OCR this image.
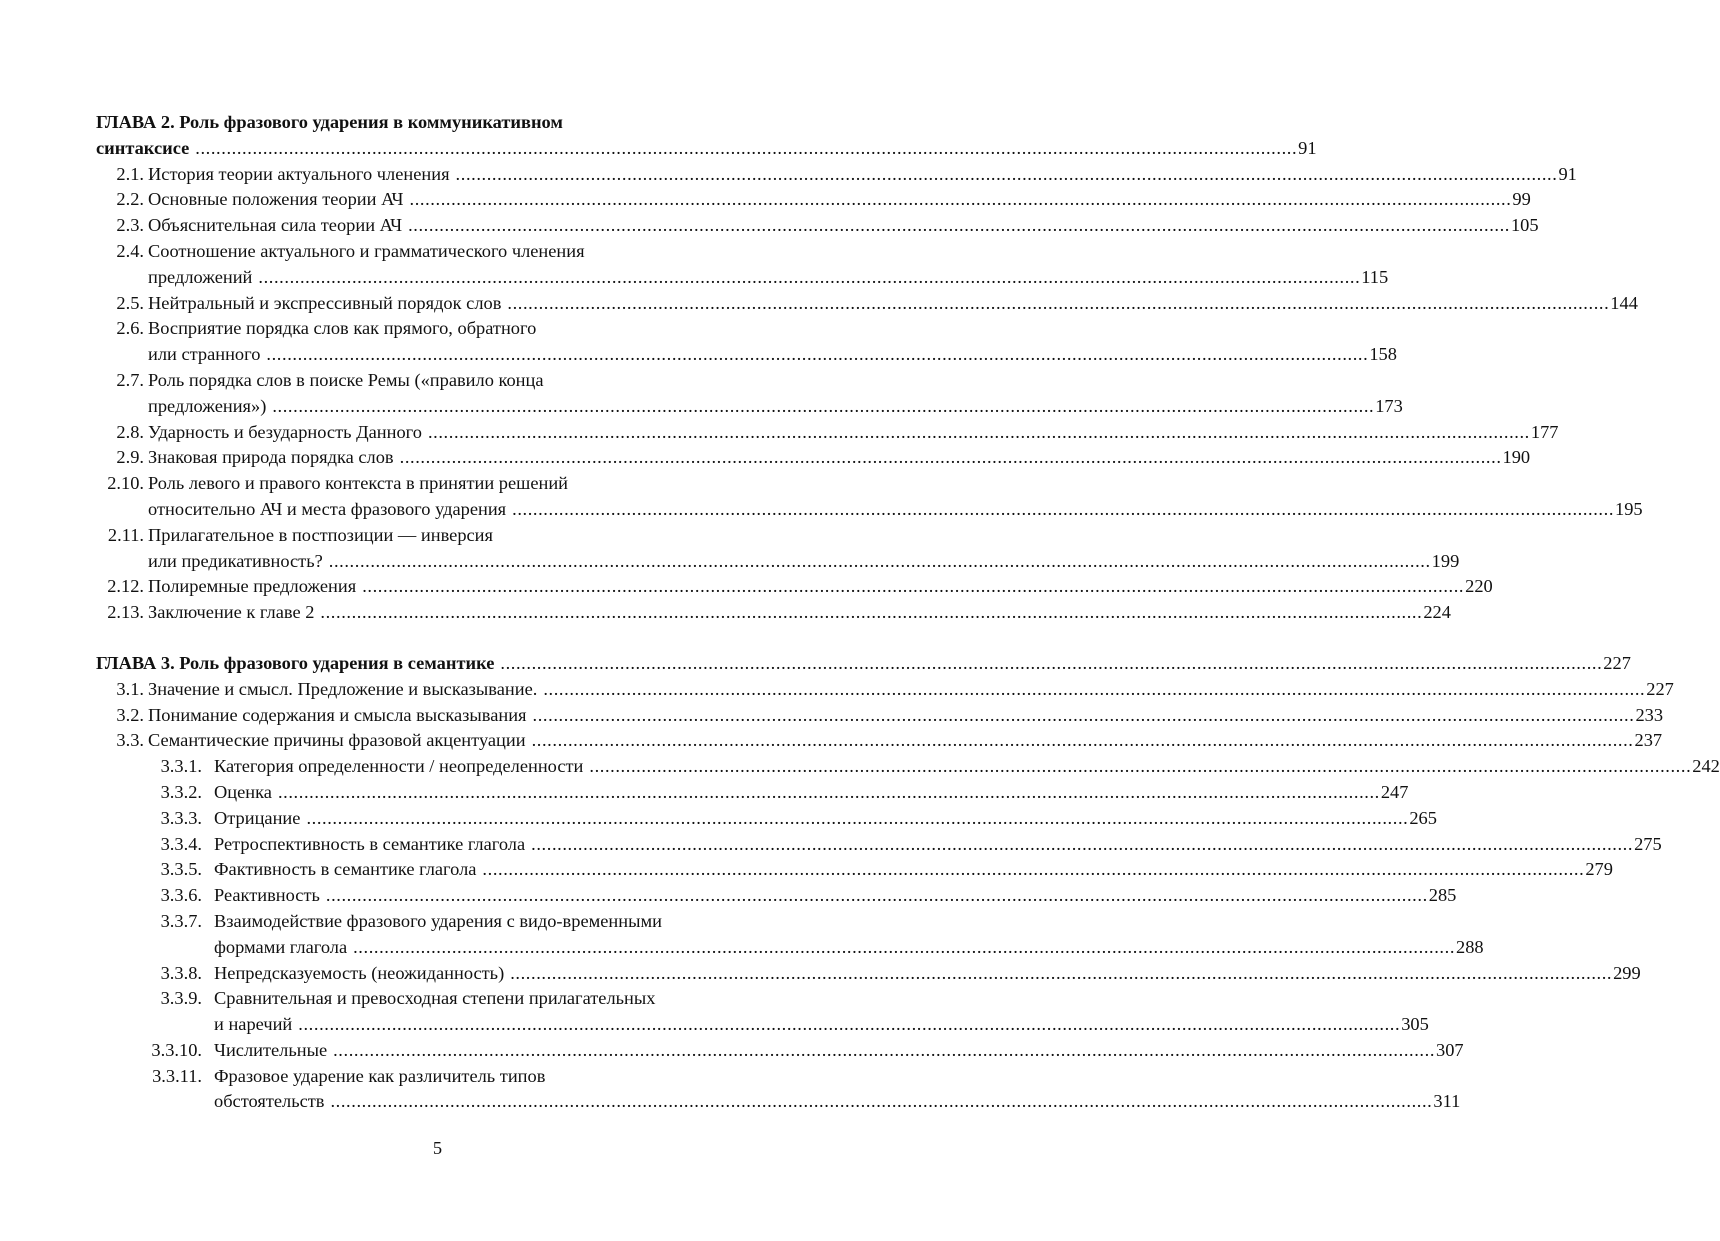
ГЛАВА 2. Роль фразового ударения в коммуникативном
синтаксисе .....	91
2.1. История теории актуального членения .....	91
2.2. Основные положения теории АЧ .....	99
2.3. Объяснительная сила теории АЧ .....	105
2.4. Соотношение актуального и грамматического членения
предложений .....	115
2.5. Нейтральный и экспрессивный порядок слов .....	144
2.6. Восприятие порядка слов как прямого, обратного
или странного .....	158
2.7. Роль порядка слов в поиске Ремы («правило конца
предложения») .....	173
2.8. Ударность и безударность Данного .....	177
2.9. Знаковая природа порядка слов .....	190
2.10. Роль левого и правого контекста в принятии решений
относительно АЧ и места фразового ударения .....	195
2.11. Прилагательное в постпозиции — инверсия
или предикативность? .....	199
2.12. Полиремные предложения .....	220
2.13. Заключение к главе 2 .....	224
ГЛАВА 3. Роль фразового ударения в семантике .....	227
3.1. Значение и смысл. Предложение и высказывание. .....	227
3.2. Понимание содержания и смысла высказывания .....	233
3.3. Семантические причины фразовой акцентуации .....	237
3.3.1. Категория определенности / неопределенности .....	242
3.3.2. Оценка .....	247
3.3.3. Отрицание .....	265
3.3.4. Ретроспективность в семантике глагола .....	275
3.3.5. Фактивность в семантике глагола .....	279
3.3.6. Реактивность .....	285
3.3.7. Взаимодействие фразового ударения с видо-временными
формами глагола .....	288
3.3.8. Непредсказуемость (неожиданность) .....	299
3.3.9. Сравнительная и превосходная степени прилагательных
и наречий .....	305
3.3.10. Числительные .....	307
3.3.11. Фразовое ударение как различитель типов
обстоятельств .....	311
5
